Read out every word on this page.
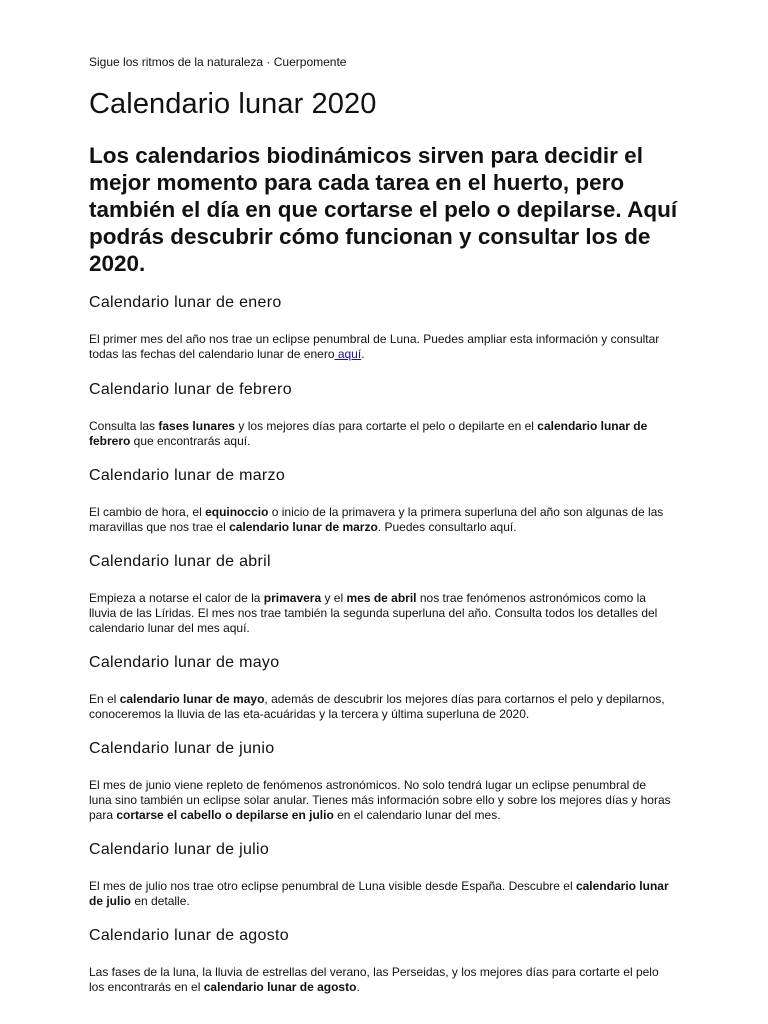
Sigue los ritmos de la naturaleza · Cuerpomente
Calendario lunar 2020

Los calendarios biodinámicos sirven para decidir el mejor momento para cada tarea en el huerto, pero también el día en que cortarse el pelo o depilarse. Aquí podrás descubrir cómo funcionan y consultar los de 2020.

Calendario lunar de enero

El primer mes del año nos trae un eclipse penumbral de Luna. Puedes ampliar esta información y consultar todas las fechas del calendario lunar de enero aquí.

Calendario lunar de febrero

Consulta las fases lunares y los mejores días para cortarte el pelo o depilarte en el calendario lunar de febrero que encontrarás aquí.

Calendario lunar de marzo

El cambio de hora, el equinoccio o inicio de la primavera y la primera superluna del año son algunas de las maravillas que nos trae el calendario lunar de marzo. Puedes consultarlo aquí.

Calendario lunar de abril

Empieza a notarse el calor de la primavera y el mes de abril nos trae fenómenos astronómicos como la lluvia de las Líridas. El mes nos trae también la segunda superluna del año. Consulta todos los detalles del calendario lunar del mes aquí.

Calendario lunar de mayo

En el calendario lunar de mayo, además de descubrir los mejores días para cortarnos el pelo y depilarnos, conoceremos la lluvia de las eta-acuáridas y la tercera y última superluna de 2020.

Calendario lunar de junio

El mes de junio viene repleto de fenómenos astronómicos. No solo tendrá lugar un eclipse penumbral de luna sino también un eclipse solar anular. Tienes más información sobre ello y sobre los mejores días y horas para cortarse el cabello o depilarse en julio en el calendario lunar del mes.

Calendario lunar de julio

El mes de julio nos trae otro eclipse penumbral de Luna visible desde España. Descubre el calendario lunar de julio en detalle.

Calendario lunar de agosto

Las fases de la luna, la lluvia de estrellas del verano, las Perseidas, y los mejores días para cortarte el pelo los encontrarás en el calendario lunar de agosto.
